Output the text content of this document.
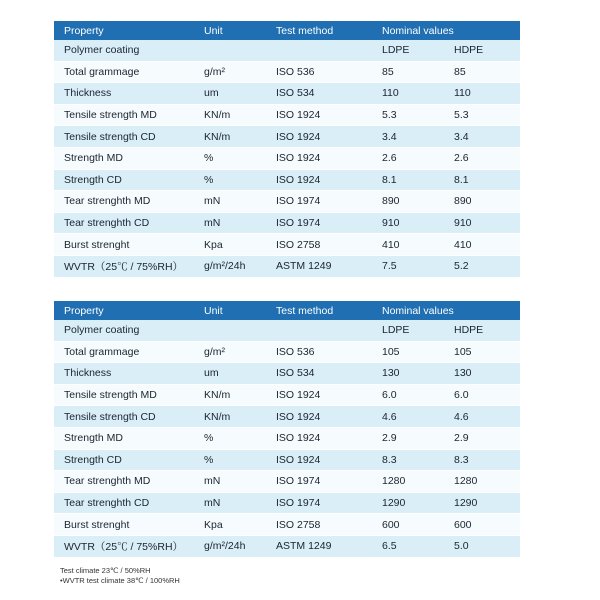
Property	Unit	Test method	Nominal values	
Polymer coating			LDPE	HDPE
Total grammage	g/m²	ISO 536	85	85
Thickness	um	ISO 534	110	110
Tensile strength MD	KN/m	ISO 1924	5.3	5.3
Tensile strength CD	KN/m	ISO 1924	3.4	3.4
Strength MD	%	ISO 1924	2.6	2.6
Strength CD	%	ISO 1924	8.1	8.1
Tear strenghth MD	mN	ISO 1974	890	890
Tear strenghth CD	mN	ISO 1974	910	910
Burst strenght	Kpa	ISO 2758	410	410
WVTR（25℃ / 75%RH）	g/m²/24h	ASTM 1249	7.5	5.2
Property	Unit	Test method	Nominal values	
Polymer coating			LDPE	HDPE
Total grammage	g/m²	ISO 536	105	105
Thickness	um	ISO 534	130	130
Tensile strength MD	KN/m	ISO 1924	6.0	6.0
Tensile strength CD	KN/m	ISO 1924	4.6	4.6
Strength MD	%	ISO 1924	2.9	2.9
Strength CD	%	ISO 1924	8.3	8.3
Tear strenghth MD	mN	ISO 1974	1280	1280
Tear strenghth CD	mN	ISO 1974	1290	1290
Burst strenght	Kpa	ISO 2758	600	600
WVTR（25℃ / 75%RH）	g/m²/24h	ASTM 1249	6.5	5.0
Test climate 23℃ / 50%RH
•WVTR test climate 38℃ / 100%RH
